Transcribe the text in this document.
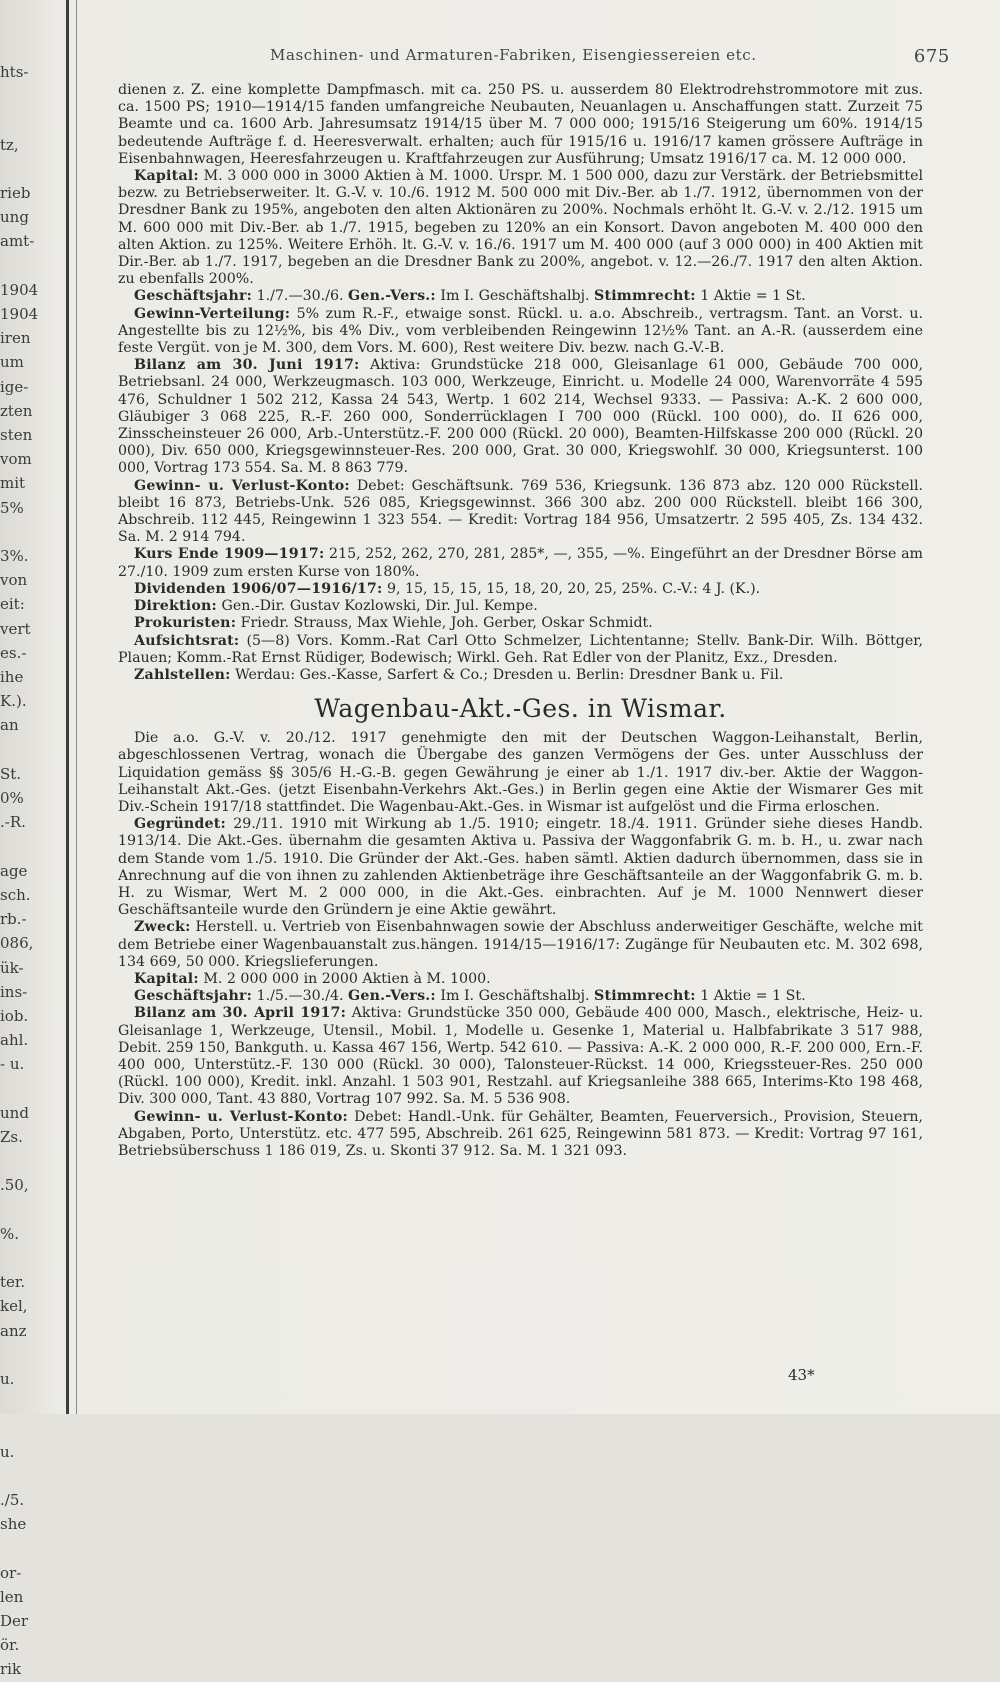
hts-

tz,

rieb
ung
amt-

1904
1904
iren
um
ige-
zten
sten
vom
mit
5%

3%.
von
eit:
vert
es.-
ihe
K.).
an

St.
0%
.-R.

age
sch.
rb.-
086,
ük-
ins-
iob.
ahl.
- u.

und
Zs.

.50,

%.

ter.
kel,
anz

u.

u.

./5.
she

or-
len
Der
ör.
rik
Maschinen- und Armaturen-Fabriken, Eisengiessereien etc.	675

dienen z. Z. eine komplette Dampfmasch. mit ca. 250 PS. u. ausserdem 80 Elektrodrehstrommotore mit zus. ca. 1500 PS; 1910—1914/15 fanden umfangreiche Neubauten, Neuanlagen u. Anschaffungen statt. Zurzeit 75 Beamte und ca. 1600 Arb. Jahresumsatz 1914/15 über M. 7 000 000; 1915/16 Steigerung um 60%. 1914/15 bedeutende Aufträge f. d. Heeresverwalt. erhalten; auch für 1915/16 u. 1916/17 kamen grössere Aufträge in Eisenbahnwagen, Heeresfahrzeugen u. Kraftfahrzeugen zur Ausführung; Umsatz 1916/17 ca. M. 12 000 000.

Kapital: M. 3 000 000 in 3000 Aktien à M. 1000. Urspr. M. 1 500 000, dazu zur Verstärk. der Betriebsmittel bezw. zu Betriebserweiter. lt. G.-V. v. 10./6. 1912 M. 500 000 mit Div.-Ber. ab 1./7. 1912, übernommen von der Dresdner Bank zu 195%, angeboten den alten Aktionären zu 200%. Nochmals erhöht lt. G.-V. v. 2./12. 1915 um M. 600 000 mit Div.-Ber. ab 1./7. 1915, begeben zu 120% an ein Konsort. Davon angeboten M. 400 000 den alten Aktion. zu 125%. Weitere Erhöh. lt. G.-V. v. 16./6. 1917 um M. 400 000 (auf 3 000 000) in 400 Aktien mit Dir.-Ber. ab 1./7. 1917, begeben an die Dresdner Bank zu 200%, angebot. v. 12.—26./7. 1917 den alten Aktion. zu ebenfalls 200%.

Geschäftsjahr: 1./7.—30./6. Gen.-Vers.: Im I. Geschäftshalbj. Stimmrecht: 1 Aktie = 1 St.

Gewinn-Verteilung: 5% zum R.-F., etwaige sonst. Rückl. u. a.o. Abschreib., vertragsm. Tant. an Vorst. u. Angestellte bis zu 12½%, bis 4% Div., vom verbleibenden Reingewinn 12½% Tant. an A.-R. (ausserdem eine feste Vergüt. von je M. 300, dem Vors. M. 600), Rest weitere Div. bezw. nach G.-V.-B.

Bilanz am 30. Juni 1917: Aktiva: Grundstücke 218 000, Gleisanlage 61 000, Gebäude 700 000, Betriebsanl. 24 000, Werkzeugmasch. 103 000, Werkzeuge, Einricht. u. Modelle 24 000, Warenvorräte 4 595 476, Schuldner 1 502 212, Kassa 24 543, Wertp. 1 602 214, Wechsel 9333. — Passiva: A.-K. 2 600 000, Gläubiger 3 068 225, R.-F. 260 000, Sonderrücklagen I 700 000 (Rückl. 100 000), do. II 626 000, Zinsscheinsteuer 26 000, Arb.-Unterstütz.-F. 200 000 (Rückl. 20 000), Beamten-Hilfskasse 200 000 (Rückl. 20 000), Div. 650 000, Kriegsgewinnsteuer-Res. 200 000, Grat. 30 000, Kriegswohlf. 30 000, Kriegsunterst. 100 000, Vortrag 173 554. Sa. M. 8 863 779.

Gewinn- u. Verlust-Konto: Debet: Geschäftsunk. 769 536, Kriegsunk. 136 873 abz. 120 000 Rückstell. bleibt 16 873, Betriebs-Unk. 526 085, Kriegsgewinnst. 366 300 abz. 200 000 Rückstell. bleibt 166 300, Abschreib. 112 445, Reingewinn 1 323 554. — Kredit: Vortrag 184 956, Umsatzertr. 2 595 405, Zs. 134 432. Sa. M. 2 914 794.

Kurs Ende 1909—1917: 215, 252, 262, 270, 281, 285*, —, 355, —%. Eingeführt an der Dresdner Börse am 27./10. 1909 zum ersten Kurse von 180%.

Dividenden 1906/07—1916/17: 9, 15, 15, 15, 15, 18, 20, 20, 25, 25%. C.-V.: 4 J. (K.).

Direktion: Gen.-Dir. Gustav Kozlowski, Dir. Jul. Kempe.

Prokuristen: Friedr. Strauss, Max Wiehle, Joh. Gerber, Oskar Schmidt.

Aufsichtsrat: (5—8) Vors. Komm.-Rat Carl Otto Schmelzer, Lichtentanne; Stellv. Bank-Dir. Wilh. Böttger, Plauen; Komm.-Rat Ernst Rüdiger, Bodewisch; Wirkl. Geh. Rat Edler von der Planitz, Exz., Dresden.

Zahlstellen: Werdau: Ges.-Kasse, Sarfert & Co.; Dresden u. Berlin: Dresdner Bank u. Fil.

Wagenbau-Akt.-Ges. in Wismar.

Die a.o. G.-V. v. 20./12. 1917 genehmigte den mit der Deutschen Waggon-Leihanstalt, Berlin, abgeschlossenen Vertrag, wonach die Übergabe des ganzen Vermögens der Ges. unter Ausschluss der Liquidation gemäss §§ 305/6 H.-G.-B. gegen Gewährung je einer ab 1./1. 1917 div.-ber. Aktie der Waggon-Leihanstalt Akt.-Ges. (jetzt Eisenbahn-Verkehrs Akt.-Ges.) in Berlin gegen eine Aktie der Wismarer Ges mit Div.-Schein 1917/18 stattfindet. Die Wagenbau-Akt.-Ges. in Wismar ist aufgelöst und die Firma erloschen.

Gegründet: 29./11. 1910 mit Wirkung ab 1./5. 1910; eingetr. 18./4. 1911. Gründer siehe dieses Handb. 1913/14. Die Akt.-Ges. übernahm die gesamten Aktiva u. Passiva der Waggonfabrik G. m. b. H., u. zwar nach dem Stande vom 1./5. 1910. Die Gründer der Akt.-Ges. haben sämtl. Aktien dadurch übernommen, dass sie in Anrechnung auf die von ihnen zu zahlenden Aktienbeträge ihre Geschäftsanteile an der Waggonfabrik G. m. b. H. zu Wismar, Wert M. 2 000 000, in die Akt.-Ges. einbrachten. Auf je M. 1000 Nennwert dieser Geschäftsanteile wurde den Gründern je eine Aktie gewährt.

Zweck: Herstell. u. Vertrieb von Eisenbahnwagen sowie der Abschluss anderweitiger Geschäfte, welche mit dem Betriebe einer Wagenbauanstalt zus.hängen. 1914/15—1916/17: Zugänge für Neubauten etc. M. 302 698, 134 669, 50 000. Kriegslieferungen.

Kapital: M. 2 000 000 in 2000 Aktien à M. 1000.

Geschäftsjahr: 1./5.—30./4. Gen.-Vers.: Im I. Geschäftshalbj. Stimmrecht: 1 Aktie = 1 St.

Bilanz am 30. April 1917: Aktiva: Grundstücke 350 000, Gebäude 400 000, Masch., elektrische, Heiz- u. Gleisanlage 1, Werkzeuge, Utensil., Mobil. 1, Modelle u. Gesenke 1, Material u. Halbfabrikate 3 517 988, Debit. 259 150, Bankguth. u. Kassa 467 156, Wertp. 542 610. — Passiva: A.-K. 2 000 000, R.-F. 200 000, Ern.-F. 400 000, Unterstütz.-F. 130 000 (Rückl. 30 000), Talonsteuer-Rückst. 14 000, Kriegssteuer-Res. 250 000 (Rückl. 100 000), Kredit. inkl. Anzahl. 1 503 901, Restzahl. auf Kriegsanleihe 388 665, Interims-Kto 198 468, Div. 300 000, Tant. 43 880, Vortrag 107 992. Sa. M. 5 536 908.

Gewinn- u. Verlust-Konto: Debet: Handl.-Unk. für Gehälter, Beamten, Feuerversich., Provision, Steuern, Abgaben, Porto, Unterstütz. etc. 477 595, Abschreib. 261 625, Reingewinn 581 873. — Kredit: Vortrag 97 161, Betriebsüberschuss 1 186 019, Zs. u. Skonti 37 912. Sa. M. 1 321 093.

43*
